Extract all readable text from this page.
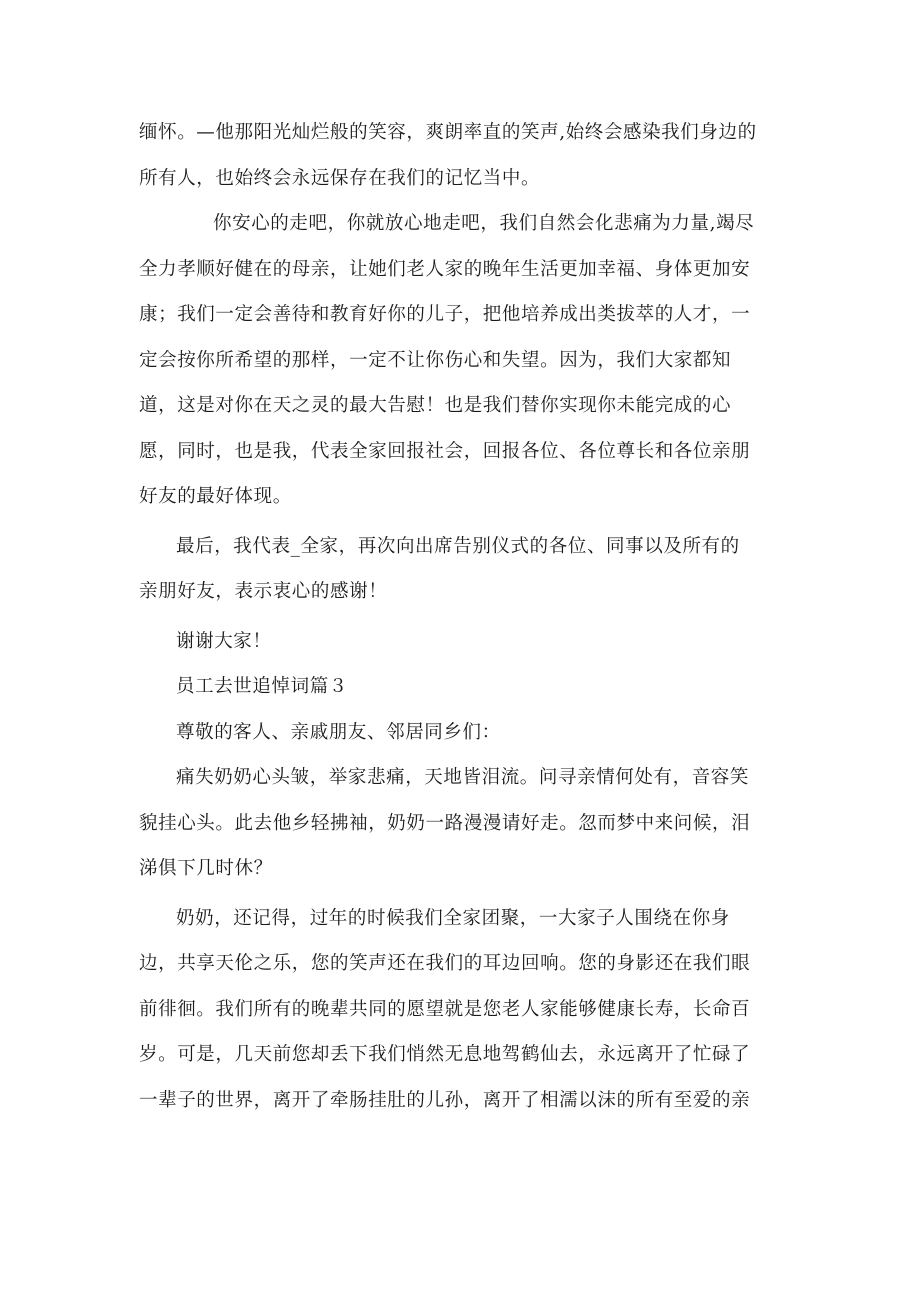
缅怀。—他那阳光灿烂般的笑容，爽朗率直的笑声,始终会感染我们身边的
所有人，也始终会永远保存在我们的记忆当中。
你安心的走吧，你就放心地走吧，我们自然会化悲痛为力量,竭尽
全力孝顺好健在的母亲，让她们老人家的晚年生活更加幸福、身体更加安
康；我们一定会善待和教育好你的儿子，把他培养成出类拔萃的人才，一
定会按你所希望的那样，一定不让你伤心和失望。因为，我们大家都知
道，这是对你在天之灵的最大告慰！也是我们替你实现你未能完成的心
愿，同时，也是我，代表全家回报社会，回报各位、各位尊长和各位亲朋
好友的最好体现。
最后，我代表_全家，再次向出席告别仪式的各位、同事以及所有的
亲朋好友，表示衷心的感谢！
谢谢大家！
员工去世追悼词篇３
尊敬的客人、亲戚朋友、邻居同乡们：
痛失奶奶心头皱，举家悲痛，天地皆泪流。问寻亲情何处有，音容笑
貌挂心头。此去他乡轻拂袖，奶奶一路漫漫请好走。忽而梦中来问候，泪
涕俱下几时休？
奶奶，还记得，过年的时候我们全家团聚，一大家子人围绕在你身
边，共享天伦之乐，您的笑声还在我们的耳边回响。您的身影还在我们眼
前徘徊。我们所有的晚辈共同的愿望就是您老人家能够健康长寿，长命百
岁。可是，几天前您却丢下我们悄然无息地驾鹤仙去，永远离开了忙碌了
一辈子的世界，离开了牵肠挂肚的儿孙，离开了相濡以沫的所有至爱的亲
